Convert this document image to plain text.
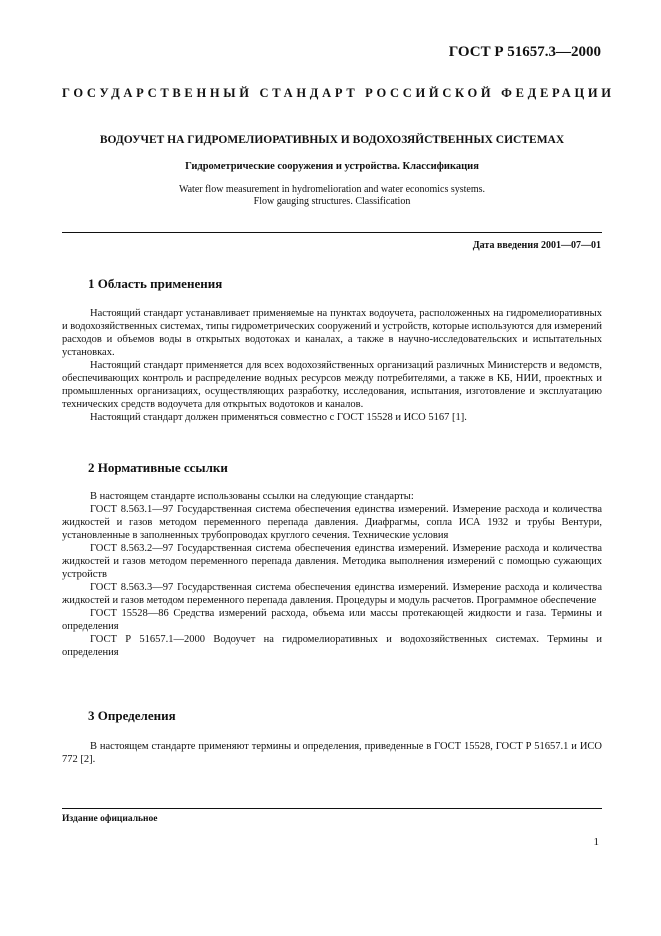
ГОСТ Р 51657.3—2000
ГОСУДАРСТВЕННЫЙ СТАНДАРТ РОССИЙСКОЙ ФЕДЕРАЦИИ
ВОДОУЧЕТ НА ГИДРОМЕЛИОРАТИВНЫХ И ВОДОХОЗЯЙСТВЕННЫХ СИСТЕМАХ
Гидрометрические сооружения и устройства. Классификация
Water flow measurement in hydromelioration and water economics systems.
Flow gauging structures. Classification
Дата введения 2001—07—01
1 Область применения

Настоящий стандарт устанавливает применяемые на пунктах водоучета, расположенных на гидромелиоративных и водохозяйственных системах, типы гидрометрических сооружений и устройств, которые используются для измерений расходов и объемов воды в открытых водотоках и каналах, а также в научно-исследовательских и испытательных установках.

Настоящий стандарт применяется для всех водохозяйственных организаций различных Министерств и ведомств, обеспечивающих контроль и распределение водных ресурсов между потребителями, а также в КБ, НИИ, проектных и промышленных организациях, осуществляющих разработку, исследования, испытания, изготовление и эксплуатацию технических средств водоучета для открытых водотоков и каналов.

Настоящий стандарт должен применяться совместно с ГОСТ 15528 и ИСО 5167 [1].

2 Нормативные ссылки

В настоящем стандарте использованы ссылки на следующие стандарты:

ГОСТ 8.563.1—97 Государственная система обеспечения единства измерений. Измерение расхода и количества жидкостей и газов методом переменного перепада давления. Диафрагмы, сопла ИСА 1932 и трубы Вентури, установленные в заполненных трубопроводах круглого сечения. Технические условия

ГОСТ 8.563.2—97 Государственная система обеспечения единства измерений. Измерение расхода и количества жидкостей и газов методом переменного перепада давления. Методика выполнения измерений с помощью сужающих устройств

ГОСТ 8.563.3—97 Государственная система обеспечения единства измерений. Измерение расхода и количества жидкостей и газов методом переменного перепада давления. Процедуры и модуль расчетов. Программное обеспечение

ГОСТ 15528—86 Средства измерений расхода, объема или массы протекающей жидкости и газа. Термины и определения

ГОСТ Р 51657.1—2000 Водоучет на гидромелиоративных и водохозяйственных системах. Термины и определения

3 Определения

В настоящем стандарте применяют термины и определения, приведенные в ГОСТ 15528, ГОСТ Р 51657.1 и ИСО 772 [2].

Издание официальное
1
